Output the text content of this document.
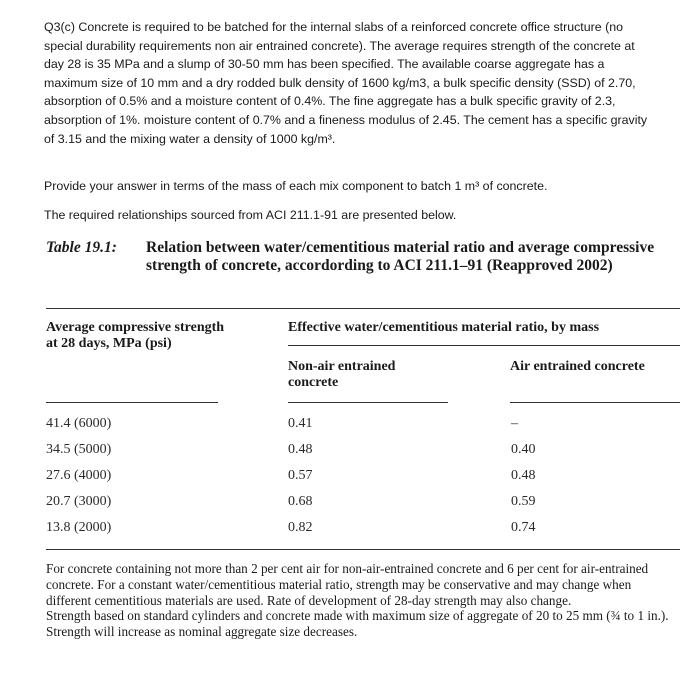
Q3(c) Concrete is required to be batched for the internal slabs of a reinforced concrete office structure (no special durability requirements non air entrained concrete). The average requires strength of the concrete at day 28 is 35 MPa and a slump of 30-50 mm has been specified. The available coarse aggregate has a maximum size of 10 mm and a dry rodded bulk density of 1600 kg/m3, a bulk specific density (SSD) of 2.70, absorption of 0.5% and a moisture content of 0.4%. The fine aggregate has a bulk specific gravity of 2.3, absorption of 1%. moisture content of 0.7% and a fineness modulus of 2.45. The cement has a specific gravity of 3.15 and the mixing water a density of 1000 kg/m³.

Provide your answer in terms of the mass of each mix component to batch 1 m³ of concrete.
The required relationships sourced from ACI 211.1-91 are presented below.
Table 19.1: Relation between water/cementitious material ratio and average compressive strength of concrete, accordording to ACI 211.1–91 (Reapproved 2002)
Average compressive strength at 28 days, MPa (psi)
Effective water/cementitious material ratio, by mass
Non-air entrained concrete
Air entrained concrete
41.4 (6000)	0.41	–
34.5 (5000)	0.48	0.40
27.6 (4000)	0.57	0.48
20.7 (3000)	0.68	0.59
13.8 (2000)	0.82	0.74

For concrete containing not more than 2 per cent air for non-air-entrained concrete and 6 per cent for air-entrained concrete. For a constant water/cementitious material ratio, strength may be conservative and may change when different cementitious materials are used. Rate of development of 28-day strength may also change.

Strength based on standard cylinders and concrete made with maximum size of aggregate of 20 to 25 mm (¾ to 1 in.). Strength will increase as nominal aggregate size decreases.
